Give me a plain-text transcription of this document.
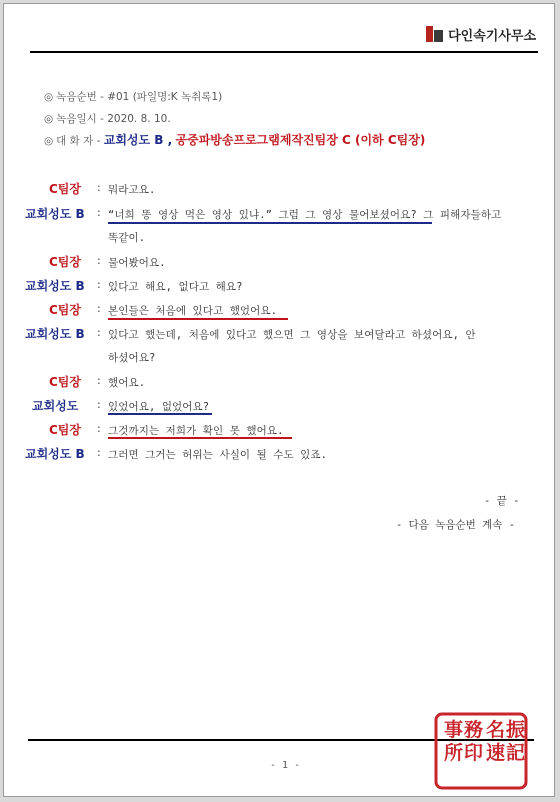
다인속기사무소
◎ 녹음순번 - #01 (파일명:K 녹취록1)
◎ 녹음일시 - 2020. 8. 10.
◎ 대 화 자 - 교회성도 B , 공중파방송프로그램제작진팀장 C (이하 C팀장)
C팀장 : 뭐라고요.
교회성도 B : “너희 똥 영상 먹은 영상 있냐.” 그럼 그 영상 물어보셨어요? 그 피해자들하고
똑같이.
C팀장 : 물어봤어요.
교회성도 B : 있다고 해요, 없다고 해요?
C팀장 : 본인들은 처음에 있다고 했었어요.
교회성도 B : 있다고 했는데, 처음에 있다고 했으면 그 영상을 보여달라고 하셨어요, 안
하셨어요?
C팀장 : 했어요.
교회성도 : 있었어요, 없었어요?
C팀장 : 그것까지는 저희가 확인 못 했어요.
교회성도 B : 그러면 그거는 허위는 사실이 될 수도 있죠.
- 끝 -
- 다음 녹음순번 계속 -
- 1 -
名 振
速 記
事 務
所 印
